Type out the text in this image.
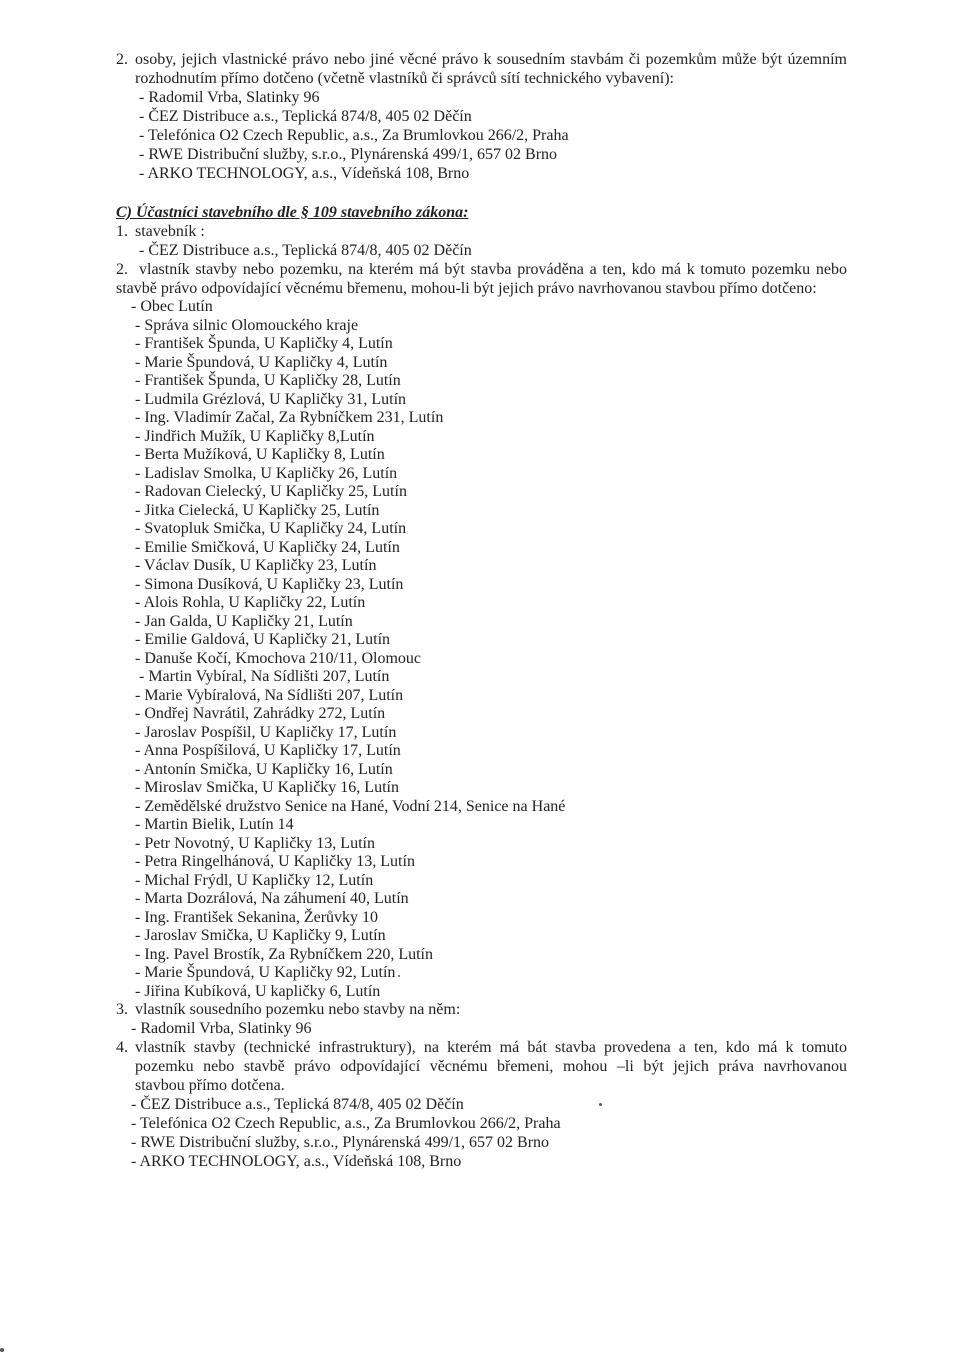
2. osoby, jejich vlastnické právo nebo jiné věcné právo k sousedním stavbám či pozemkům může být územním
rozhodnutím přímo dotčeno (včetně vlastníků či správců sítí technického vybavení):
- Radomil Vrba, Slatinky 96
- ČEZ Distribuce a.s., Teplická 874/8, 405 02 Děčín
- Telefónica O2 Czech Republic, a.s., Za Brumlovkou 266/2, Praha
- RWE Distribuční služby, s.r.o., Plynárenská 499/1, 657 02 Brno
- ARKO TECHNOLOGY, a.s., Vídeňská 108, Brno
C) Účastníci stavebního dle § 109 stavebního zákona:
1. stavebník :
- ČEZ Distribuce a.s., Teplická 874/8, 405 02 Děčín
2. vlastník stavby nebo pozemku, na kterém má být stavba prováděna a ten, kdo má k tomuto pozemku nebo
stavbě právo odpovídající věcnému břemenu, mohou-li být jejich právo navrhovanou stavbou přímo dotčeno:
- Obec Lutín
- Správa silnic Olomouckého kraje
- František Špunda, U Kapličky 4, Lutín
- Marie Špundová, U Kapličky 4, Lutín
- František Špunda, U Kapličky 28, Lutín
- Ludmila Grézlová, U Kapličky 31, Lutín
- Ing. Vladimír Začal, Za Rybníčkem 231, Lutín
- Jindřich Mužík, U Kapličky 8,Lutín
- Berta Mužíková, U Kapličky 8, Lutín
- Ladislav Smolka, U Kapličky 26, Lutín
- Radovan Cielecký, U Kapličky 25, Lutín
- Jitka Cielecká, U Kapličky 25, Lutín
- Svatopluk Smička, U Kapličky 24, Lutín
- Emilie Smičková, U Kapličky 24, Lutín
- Václav Dusík, U Kapličky 23, Lutín
- Simona Dusíková, U Kapličky 23, Lutín
- Alois Rohla, U Kapličky 22, Lutín
- Jan Galda, U Kapličky 21, Lutín
- Emilie Galdová, U Kapličky 21, Lutín
- Danuše Kočí, Kmochova 210/11, Olomouc
- Martin Vybíral, Na Sídlišti 207, Lutín
- Marie Vybíralová, Na Sídlišti 207, Lutín
- Ondřej Navrátil, Zahrádky 272, Lutín
- Jaroslav Pospíšil, U Kapličky 17, Lutín
- Anna Pospíšilová, U Kapličky 17, Lutín
- Antonín Smička, U Kapličky 16, Lutín
- Miroslav Smička, U Kapličky 16, Lutín
- Zemědělské družstvo Senice na Hané, Vodní 214, Senice na Hané
- Martin Bielik, Lutín 14
- Petr Novotný, U Kapličky 13, Lutín
- Petra Ringelhánová, U Kapličky 13, Lutín
- Michal Frýdl, U Kapličky 12, Lutín
- Marta Dozrálová, Na záhumení 40, Lutín
- Ing. František Sekanina, Žerůvky 10
- Jaroslav Smička, U Kapličky 9, Lutín
- Ing. Pavel Brostík, Za Rybníčkem 220, Lutín
- Marie Špundová, U Kapličky 92, Lutín
- Jiřina Kubíková, U kapličky 6, Lutín
3. vlastník sousedního pozemku nebo stavby na něm:
- Radomil Vrba, Slatinky 96
4. vlastník stavby (technické infrastruktury), na kterém má bát stavba provedena a ten, kdo má k tomuto
pozemku nebo stavbě právo odpovídající věcnému břemeni, mohou –li být jejich práva navrhovanou
stavbou přímo dotčena.
- ČEZ Distribuce a.s., Teplická 874/8, 405 02 Děčín
- Telefónica O2 Czech Republic, a.s., Za Brumlovkou 266/2, Praha
- RWE Distribuční služby, s.r.o., Plynárenská 499/1, 657 02 Brno
- ARKO TECHNOLOGY, a.s., Vídeňská 108, Brno
